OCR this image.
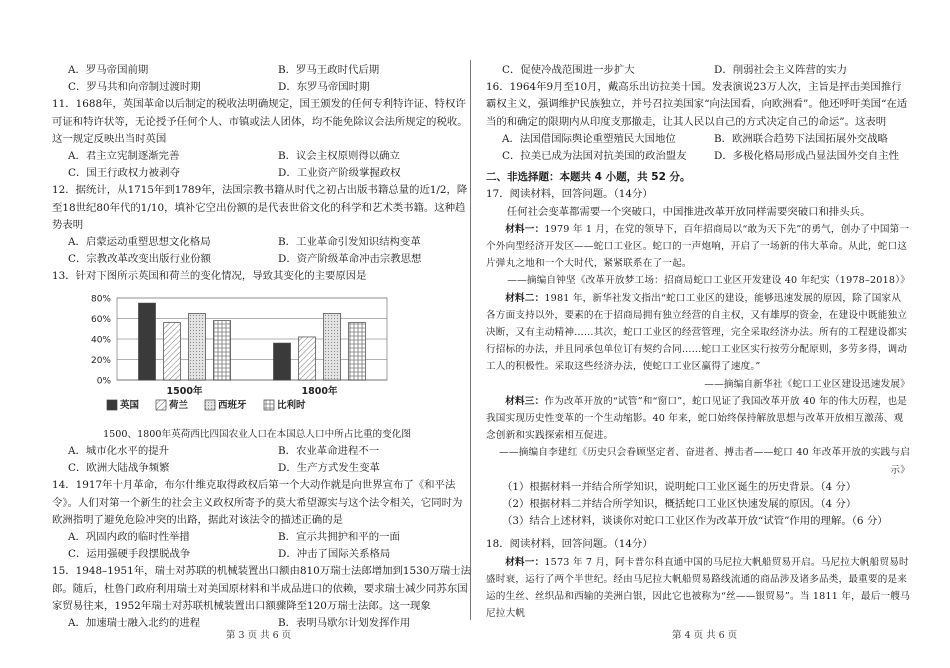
A．罗马帝国前期	B．罗马王政时代后期
C．罗马共和向帝制过渡时期	D．东罗马帝国时期
11．1688年，英国革命以后制定的税收法明确规定，国王颁发的任何专利特许证、特权许可证和特许状等，无论授予任何个人、市镇或法人团体，均不能免除议会法所规定的税收。这一规定反映出当时英国
A．君主立宪制逐渐完善	B．议会主权原则得以确立
C．国王行政权力被剥夺	D．工业资产阶级掌握政权
12．据统计，从1715年到1789年，法国宗教书籍从时代之初占出版书籍总量的近1/2，降至18世纪80年代的1/10，填补它空出份额的是代表世俗文化的科学和艺术类书籍。这种趋势表明
A．启蒙运动重塑思想文化格局	B．工业革命引发知识结构变革
C．宗教改革改变出版行业份额	D．资产阶级革命冲击宗教思想
13．针对下图所示英国和荷兰的变化情况，导致其变化的主要原因是
0%
20%
40%
60%
80%
1500年	1800年
英国	荷兰	西班牙	比利时
1500、1800年英荷西比四国农业人口在本国总人口中所占比重的变化图
A．城市化水平的提升	B．农业革命进程不一
C．欧洲大陆战争频繁	D．生产方式发生变革
14．1917年十月革命，布尔什维克取得政权后第一个大动作就是向世界宣布了《和平法令》。人们对第一个新生的社会主义政权所寄予的莫大希望源实与这个法令相关，它同时为欧洲指明了避免危险冲突的出路，据此对该法令的描述正确的是
A．巩固内政的临时性举措	B．宣示共拥护和平的一面
C．运用强硬手段摆脱战争	D．冲击了国际关系格局
15．1948–1951年，瑞士对苏联的机械装置出口额由810万瑞士法郎增加到1530万瑞士法郎。随后，杜鲁门政府利用瑞士对美国原材料和半成品进口的依赖，要求瑞士减少同苏东国家贸易往来，1952年瑞士对苏联机械装置出口额骤降至120万瑞士法郎。这一现象
A．加速瑞士融入北约的进程	B．表明马歇尔计划发挥作用
C．促使冷战范围进一步扩大	D．削弱社会主义阵营的实力
16．1964年9月至10月，戴高乐出访拉美十国。发表演说23万人次，主旨是抨击美国推行霸权主义，强调维护民族独立，并号召拉美国家“向法国看，向欧洲看”。他还呼吁美国“在适当的和确定的限期内从印度支那撤走，让其人民以自己的方式决定自己的命运”。这表明
A．法国借国际舆论重塑殖民大国地位	B．欧洲联合趋势下法国拓展外交战略
C．拉美已成为法国对抗美国的政治盟友	D．多极化格局形成凸显法国外交自主性
二、非选择题：本题共 4 小题，共 52 分。
17．阅读材料，回答问题。（14分）
任何社会变革都需要一个突破口，中国推进改革开放同样需要突破口和排头兵。
材料一：1979 年 1 月，在党的领导下，百年招商局以“敢为天下先”的勇气，创办了中国第一个外向型经济开发区——蛇口工业区。蛇口的一声炮响，开启了一场新的伟大革命。从此，蛇口这片弹丸之地和一个大时代，紧紧联系在了一起。
——摘编自钟坚《改革开放梦工场：招商局蛇口工业区开发建设 40 年纪实（1978–2018）》
材料二：1981 年，新华社发文指出“蛇口工业区的建设，能够迅速发展的原因，除了国家从各方面支持以外，要素的在于招商局拥有独立经营的自主权，又有雄厚的资金，在建设中既能独立决断，又有主动精神……其次，蛇口工业区的经营管理，完全采取经济办法。所有的工程建设都实行招标的办法，并且同承包单位订有契约合同……蛇口工业区实行按劳分配原则，多劳多得，调动工人的积极性。采取这些经济办法，使蛇口工业区赢得了速度。”
——摘编自新华社《蛇口工业区建设迅速发展》
材料三：作为改革开放的“试管”和“窗口”，蛇口见证了我国改革开放 40 年的伟大历程，也是我国实现历史性变革的一个生动缩影。40 年来，蛇口始终保持解放思想与改革开放相互激荡、观念创新和实践探索相互促进。
——摘编自李建红《历史只会眷顾坚定者、奋进者、搏击者——蛇口 40 年改革开放的实践与启示》
（1）根据材料一并结合所学知识，说明蛇口工业区诞生的历史背景。（4 分）
（2）根据材料二并结合所学知识，概括蛇口工业区快速发展的原因。（4 分）
（3）结合上述材料，谈谈你对蛇口工业区作为改革开放“试管”作用的理解。（6 分）
18．阅读材料，回答问题。（14分）
材料一：1573 年 7 月，阿卡普尔科直通中国的马尼拉大帆船贸易开启。马尼拉大帆船贸易时盛时衰，运行了两个半世纪。经由马尼拉大帆船贸易路线流通的商品涉及诸多品类，最重要的是来运的生丝、丝织品和西输的美洲白银，因此它也被称为“丝——银贸易”。当 1811 年，最后一艘马尼拉大帆
第 3 页 共 6 页	第 4 页 共 6 页
